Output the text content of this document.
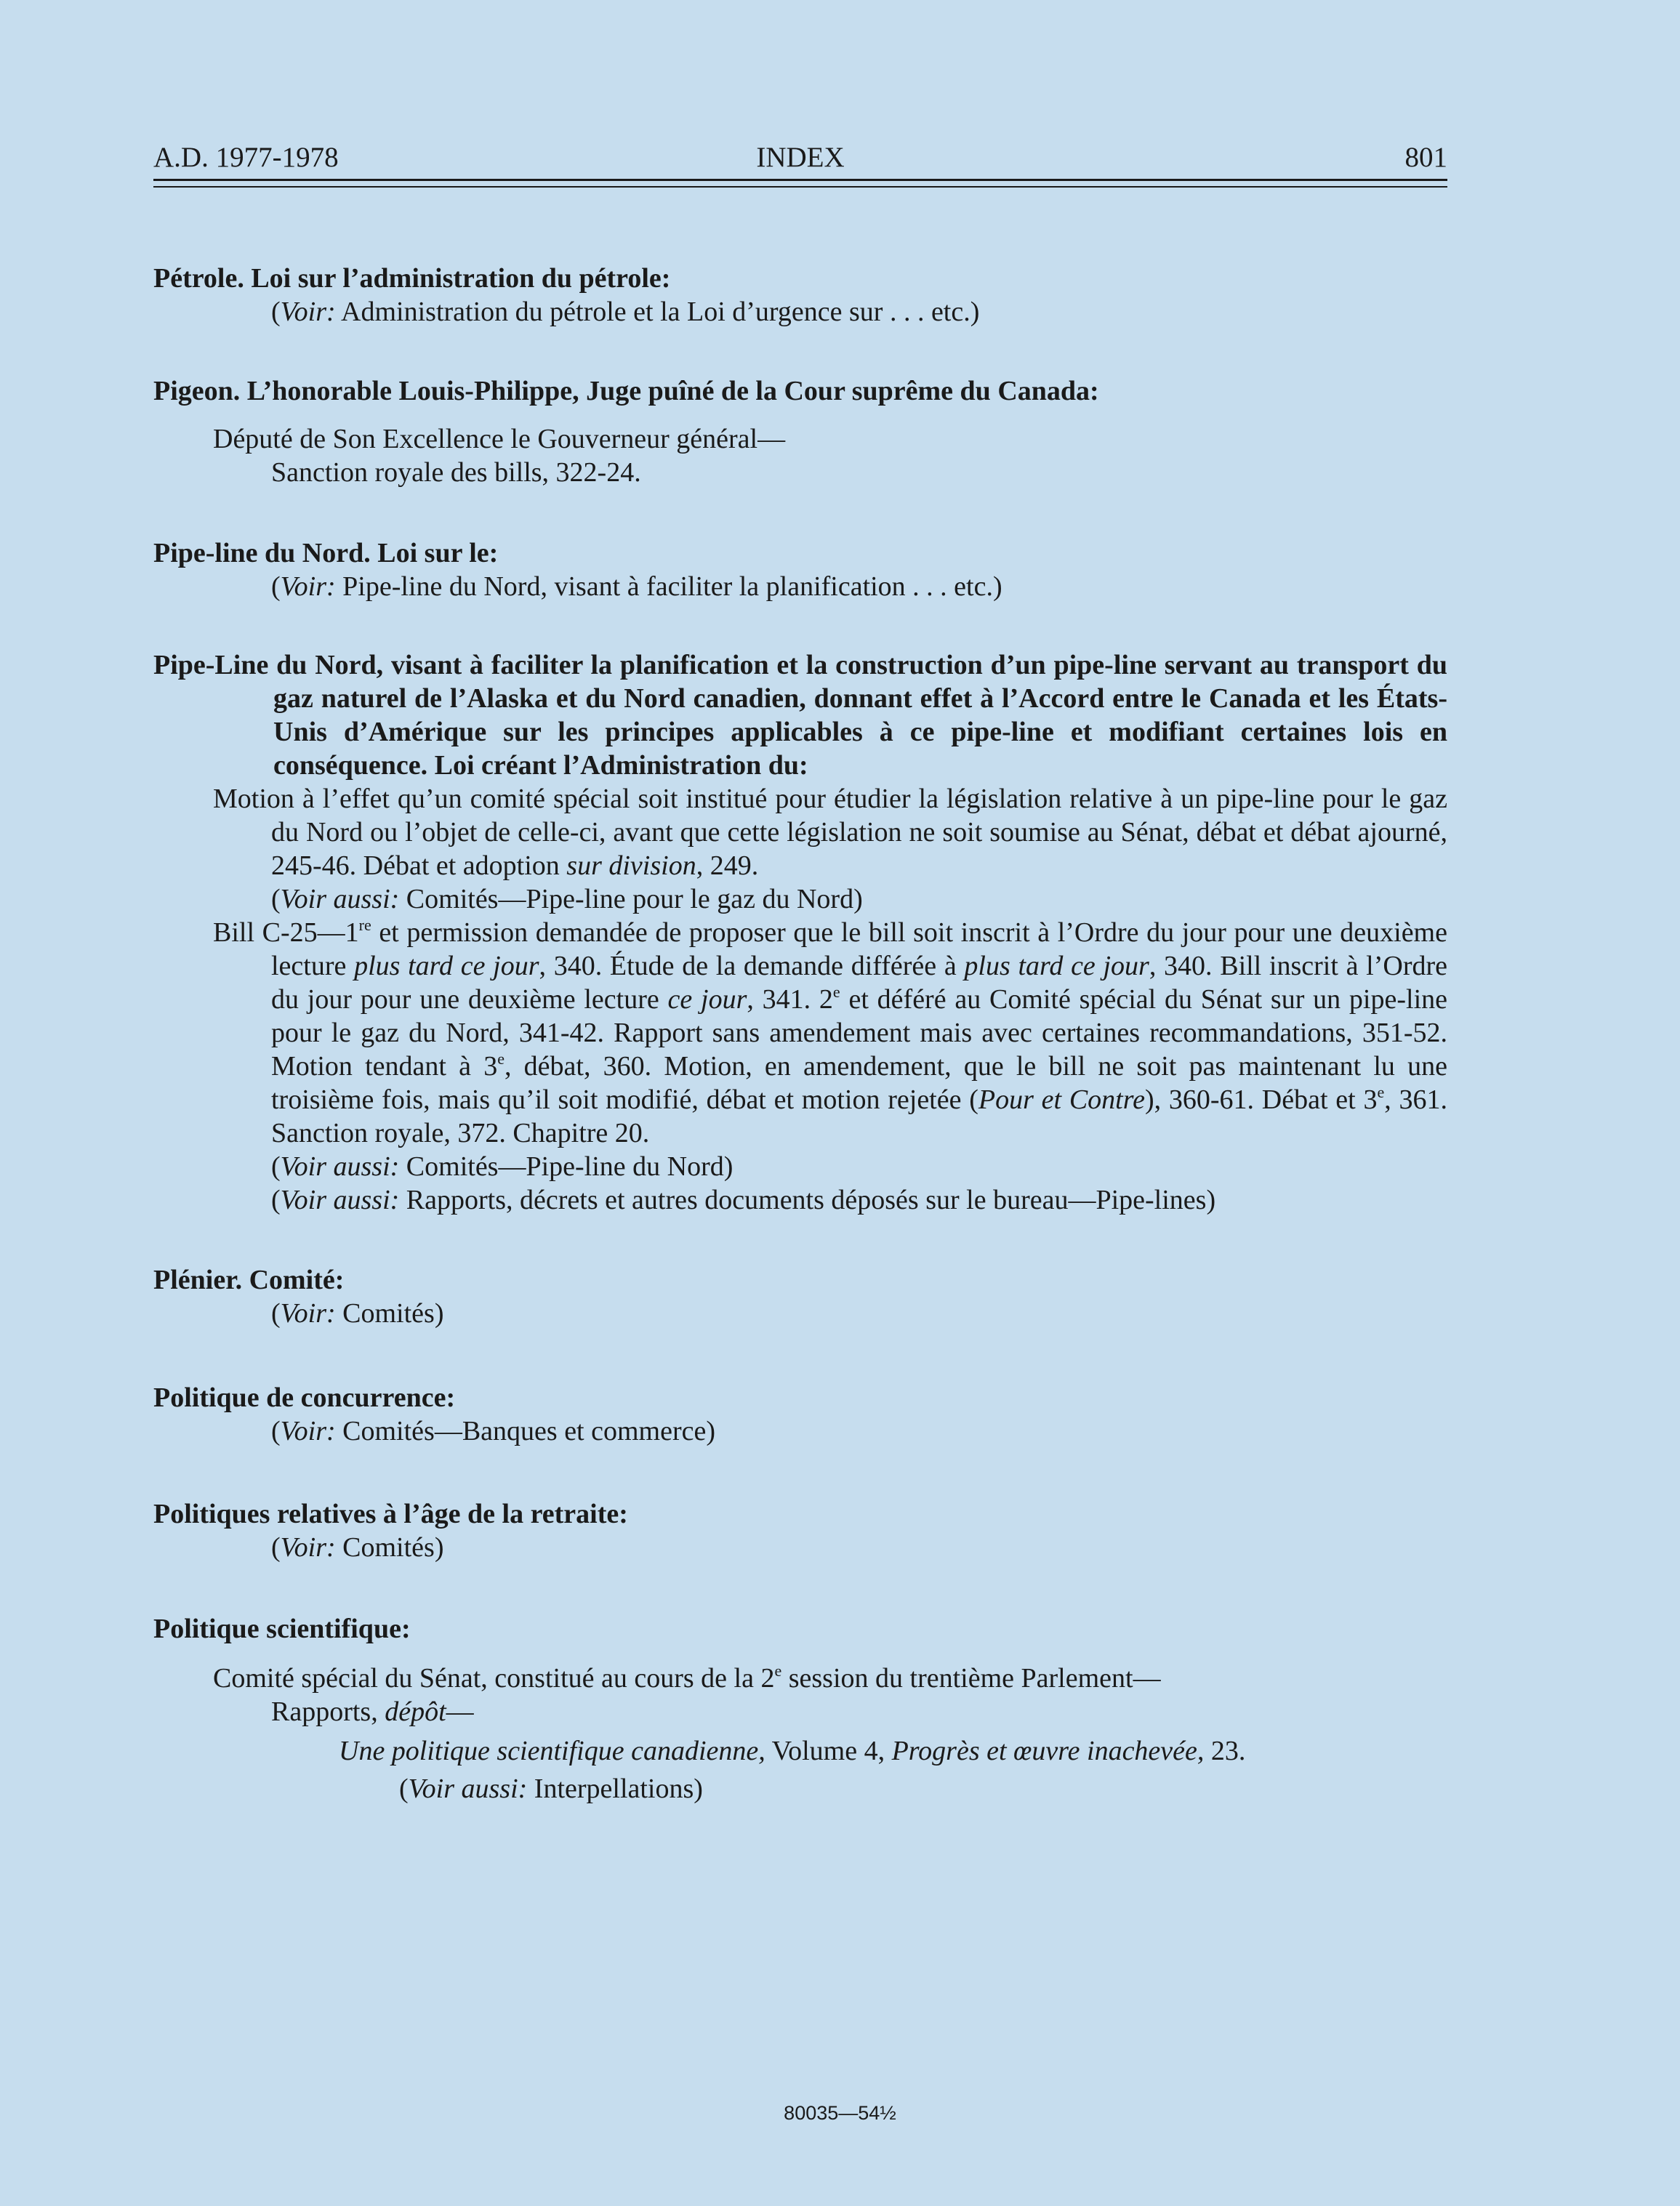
A.D. 1977-1978	INDEX	801

Pétrole. Loi sur l’administration du pétrole:

(Voir: Administration du pétrole et la Loi d’urgence sur . . . etc.)

Pigeon. L’honorable Louis-Philippe, Juge puîné de la Cour suprême du Canada:

Député de Son Excellence le Gouverneur général—

Sanction royale des bills, 322-24.

Pipe-line du Nord. Loi sur le:

(Voir: Pipe-line du Nord, visant à faciliter la planification . . . etc.)

Pipe-Line du Nord, visant à faciliter la planification et la construction d’un pipe-line servant au transport du gaz naturel de l’Alaska et du Nord canadien, donnant effet à l’Accord entre le Canada et les États-Unis d’Amérique sur les principes applicables à ce pipe-line et modifiant certaines lois en conséquence. Loi créant l’Administration du:

Motion à l’effet qu’un comité spécial soit institué pour étudier la législation relative à un pipe-line pour le gaz du Nord ou l’objet de celle-ci, avant que cette législation ne soit soumise au Sénat, débat et débat ajourné, 245-46. Débat et adoption sur division, 249.

(Voir aussi: Comités—Pipe-line pour le gaz du Nord)

Bill C-25—1re et permission demandée de proposer que le bill soit inscrit à l’Ordre du jour pour une deuxième lecture plus tard ce jour, 340. Étude de la demande différée à plus tard ce jour, 340. Bill inscrit à l’Ordre du jour pour une deuxième lecture ce jour, 341. 2e et déféré au Comité spécial du Sénat sur un pipe-line pour le gaz du Nord, 341-42. Rapport sans amendement mais avec certaines recommandations, 351-52. Motion tendant à 3e, débat, 360. Motion, en amendement, que le bill ne soit pas maintenant lu une troisième fois, mais qu’il soit modifié, débat et motion rejetée (Pour et Contre), 360-61. Débat et 3e, 361. Sanction royale, 372. Chapitre 20.

(Voir aussi: Comités—Pipe-line du Nord)

(Voir aussi: Rapports, décrets et autres documents déposés sur le bureau—Pipe-lines)

Plénier. Comité:

(Voir: Comités)

Politique de concurrence:

(Voir: Comités—Banques et commerce)

Politiques relatives à l’âge de la retraite:

(Voir: Comités)

Politique scientifique:

Comité spécial du Sénat, constitué au cours de la 2e session du trentième Parlement—

Rapports, dépôt—

Une politique scientifique canadienne, Volume 4, Progrès et œuvre inachevée, 23.

(Voir aussi: Interpellations)

80035—54½
